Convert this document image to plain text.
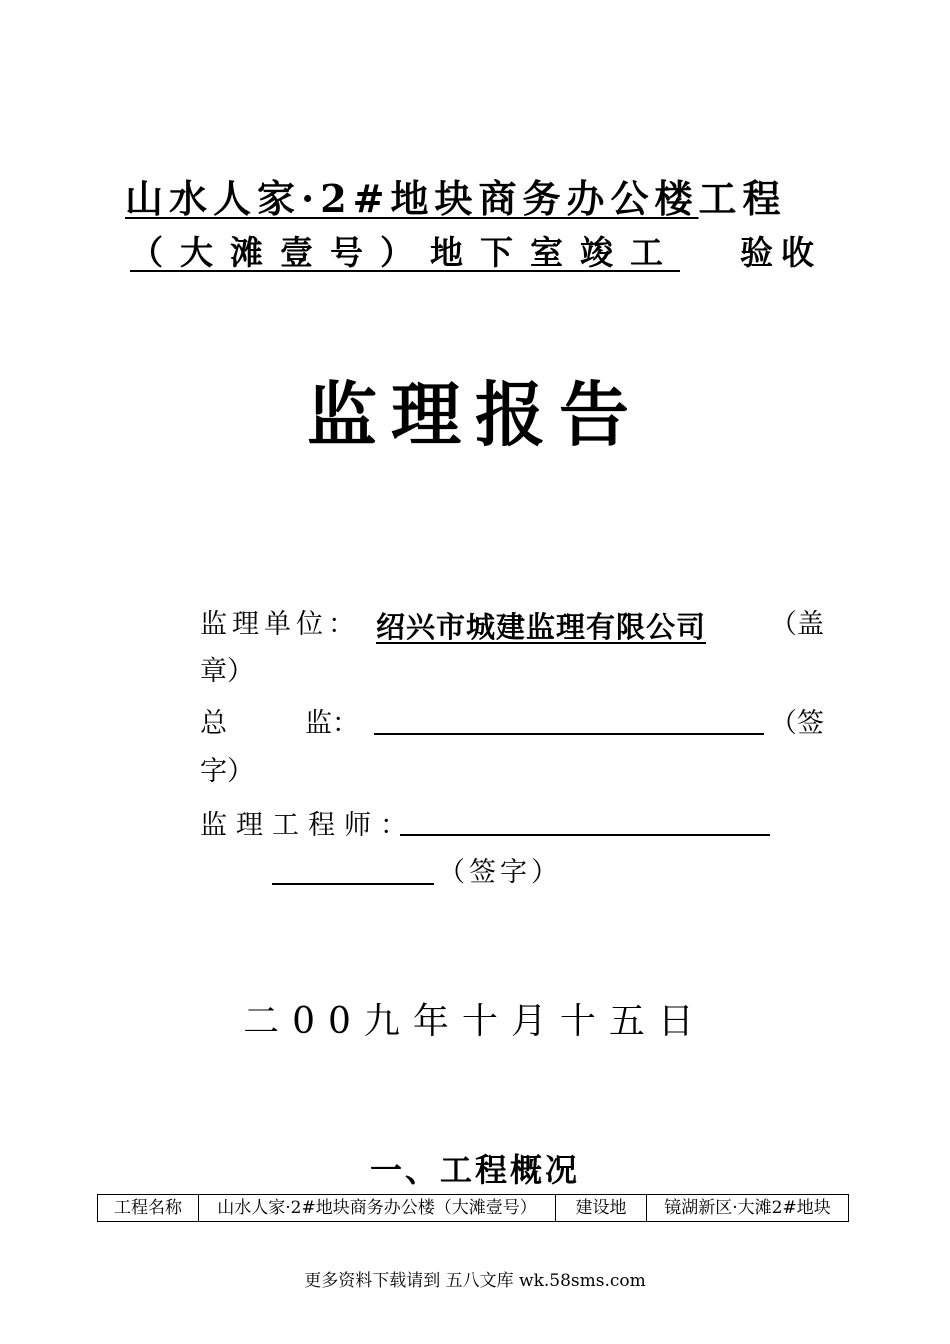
山水人家·2#地块商务办公楼工程
（大滩壹号）地下室竣工 验收
监理报告
监理单位： 绍兴市城建监理有限公司 （盖
章）
总	监：	（签
字）
监理工程师：
（签字）
二00九年十月十五日
一、工程概况
工程名称	山水人家·2#地块商务办公楼（大滩壹号）	建设地	镜湖新区·大滩2#地块
更多资料下载请到 五八文库 wk.58sms.com
